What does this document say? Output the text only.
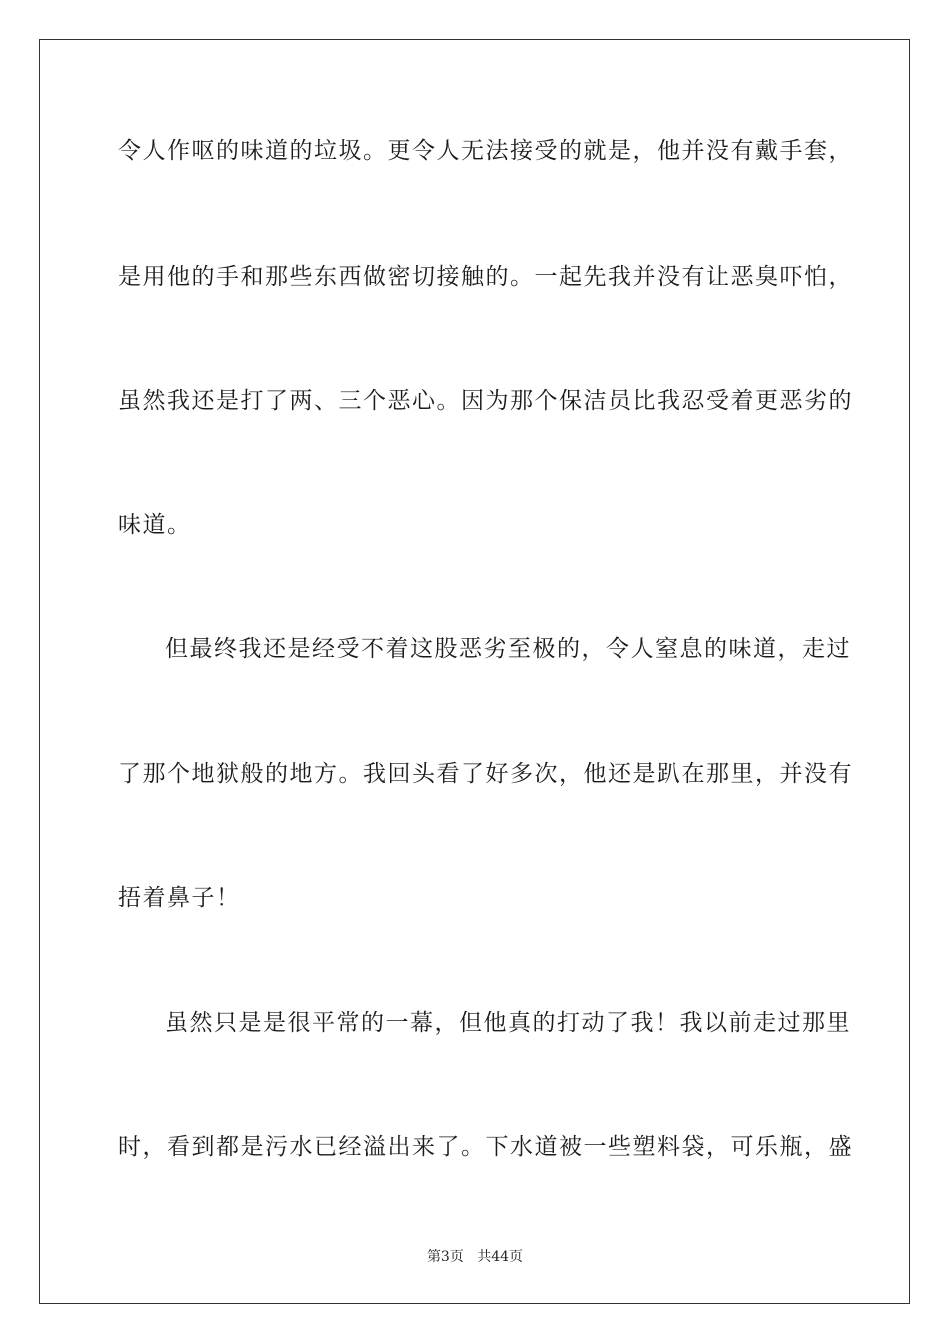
令人作呕的味道的垃圾。更令人无法接受的就是，他并没有戴手套，
是用他的手和那些东西做密切接触的。一起先我并没有让恶臭吓怕，
虽然我还是打了两、三个恶心。因为那个保洁员比我忍受着更恶劣的
味道。
但最终我还是经受不着这股恶劣至极的，令人窒息的味道，走过
了那个地狱般的地方。我回头看了好多次，他还是趴在那里，并没有
捂着鼻子！
虽然只是是很平常的一幕，但他真的打动了我！我以前走过那里
时，看到都是污水已经溢出来了。下水道被一些塑料袋，可乐瓶，盛
第3页 共44页
